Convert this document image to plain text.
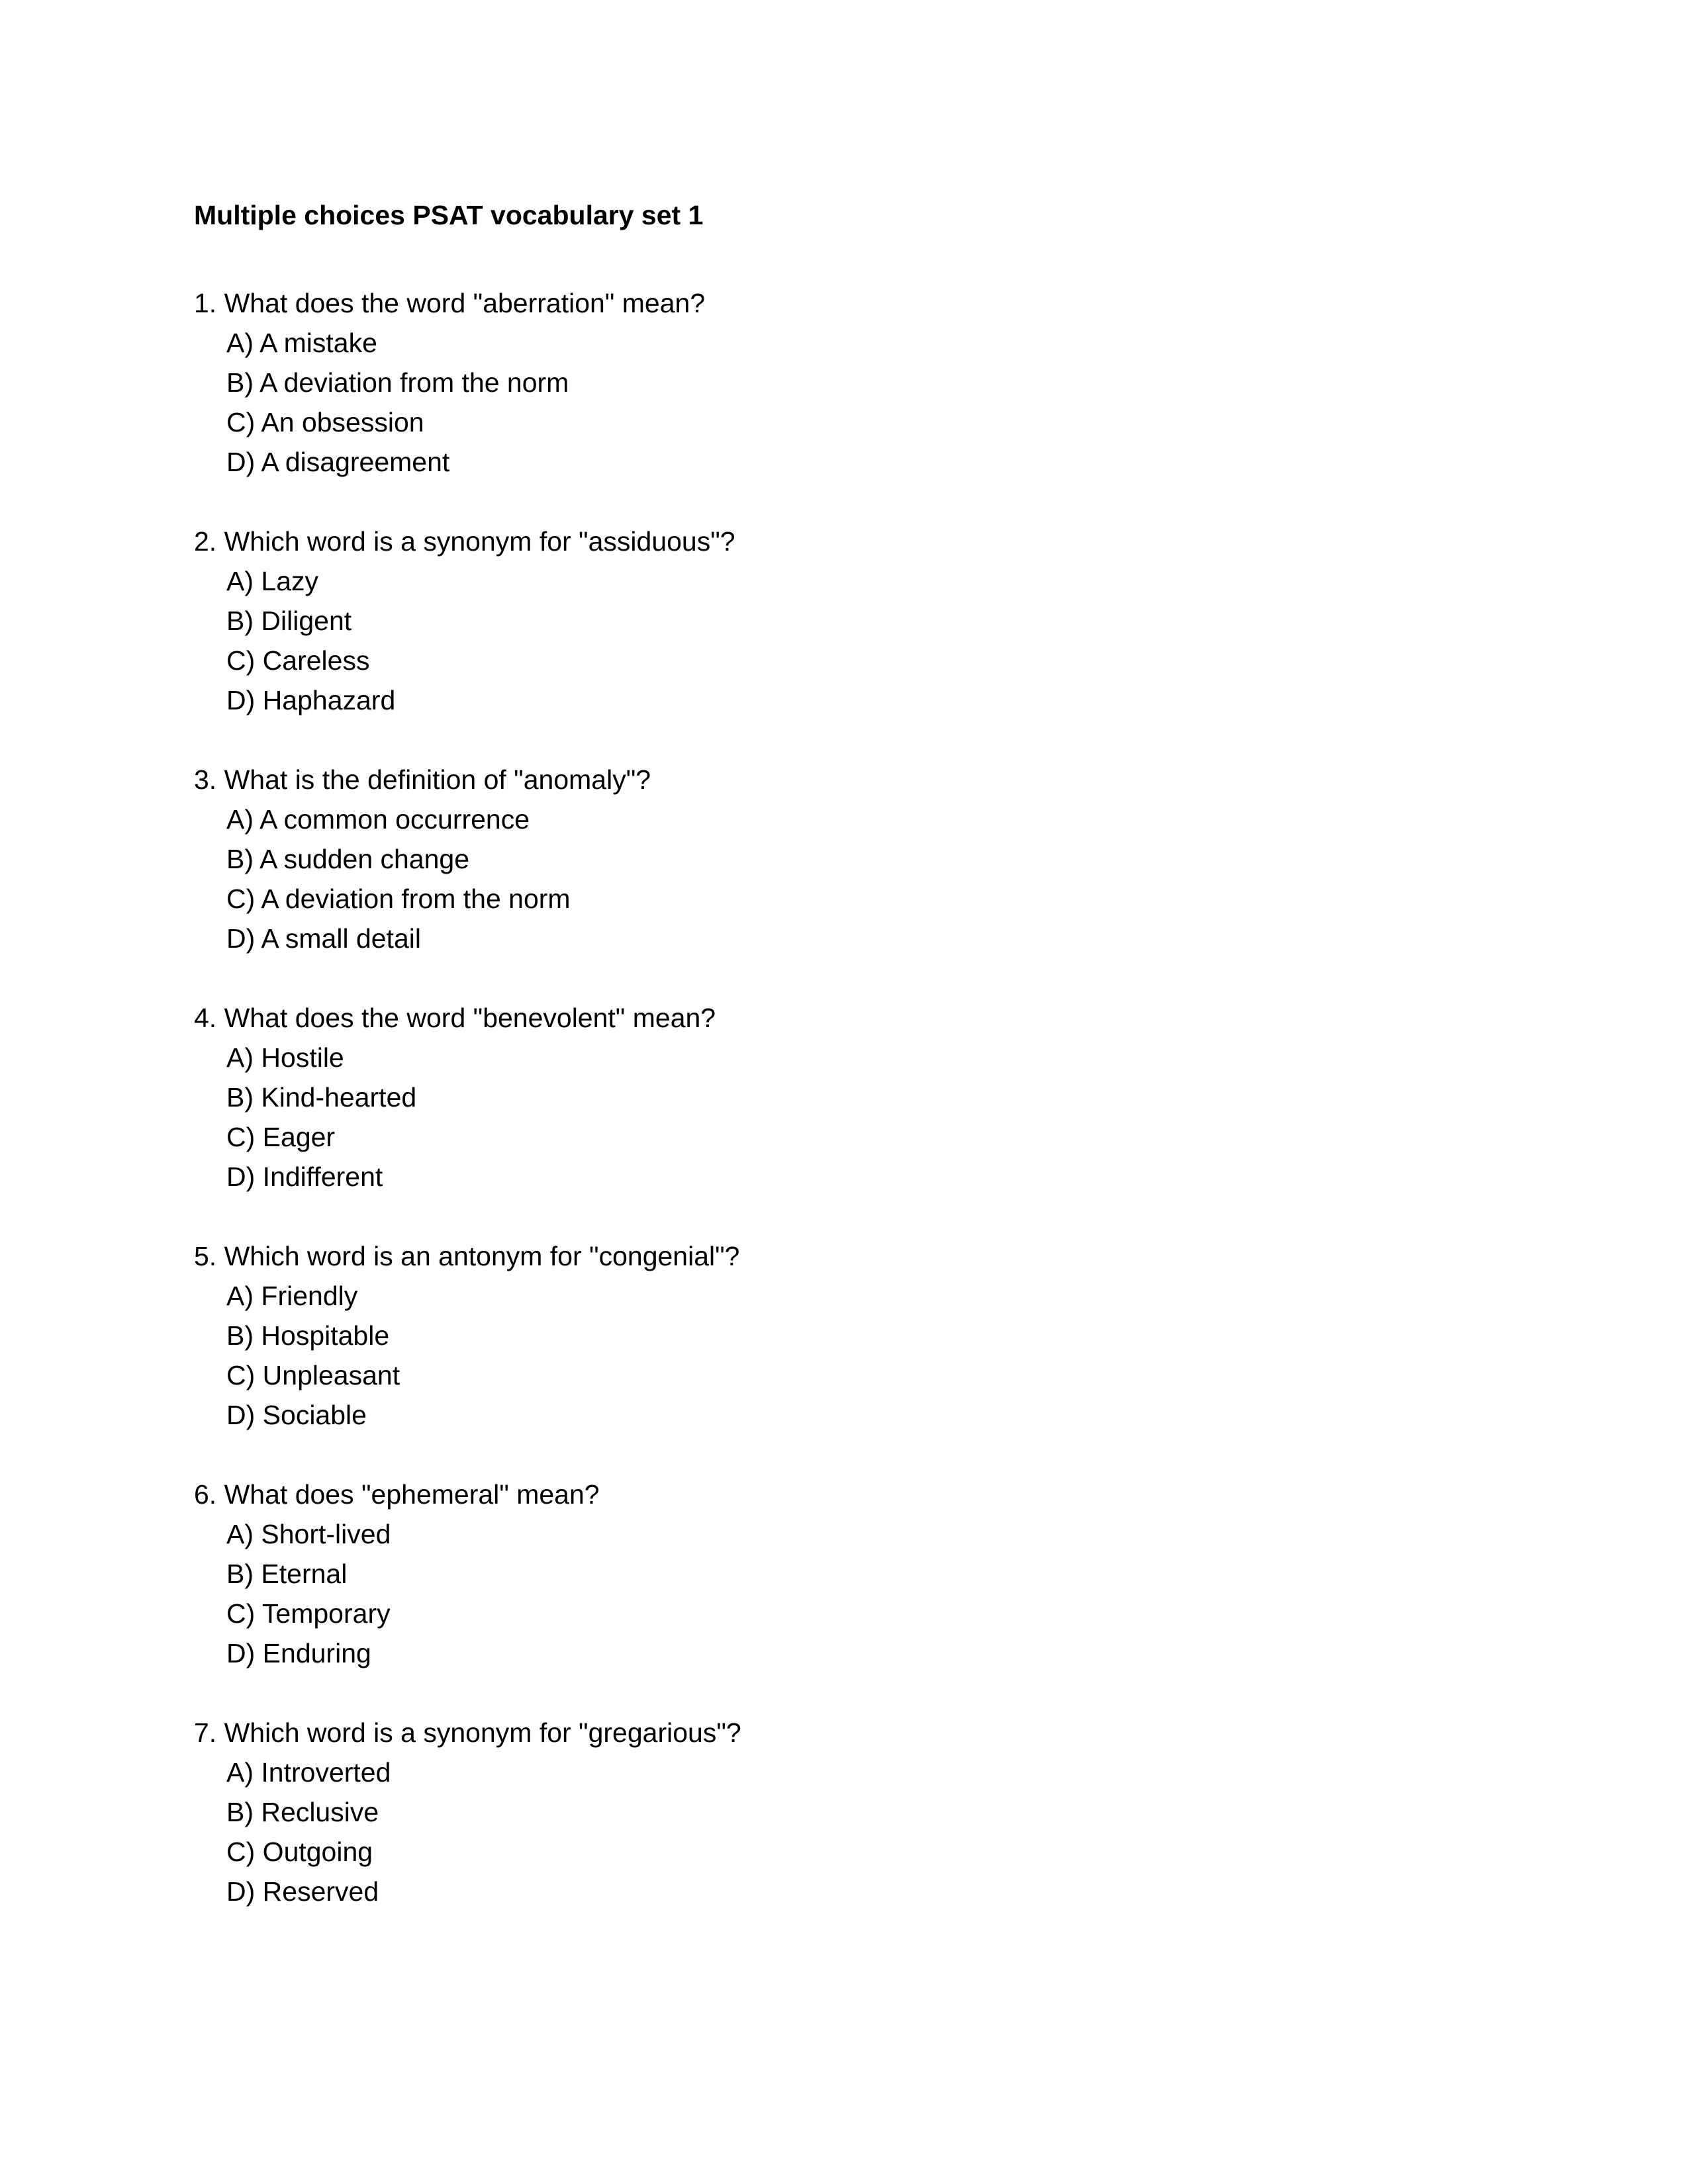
Multiple choices PSAT vocabulary set 1
1. What does the word "aberration" mean?
A) A mistake
B) A deviation from the norm
C) An obsession
D) A disagreement
2. Which word is a synonym for "assiduous"?
A) Lazy
B) Diligent
C) Careless
D) Haphazard
3. What is the definition of "anomaly"?
A) A common occurrence
B) A sudden change
C) A deviation from the norm
D) A small detail
4. What does the word "benevolent" mean?
A) Hostile
B) Kind-hearted
C) Eager
D) Indifferent
5. Which word is an antonym for "congenial"?
A) Friendly
B) Hospitable
C) Unpleasant
D) Sociable
6. What does "ephemeral" mean?
A) Short-lived
B) Eternal
C) Temporary
D) Enduring
7. Which word is a synonym for "gregarious"?
A) Introverted
B) Reclusive
C) Outgoing
D) Reserved
